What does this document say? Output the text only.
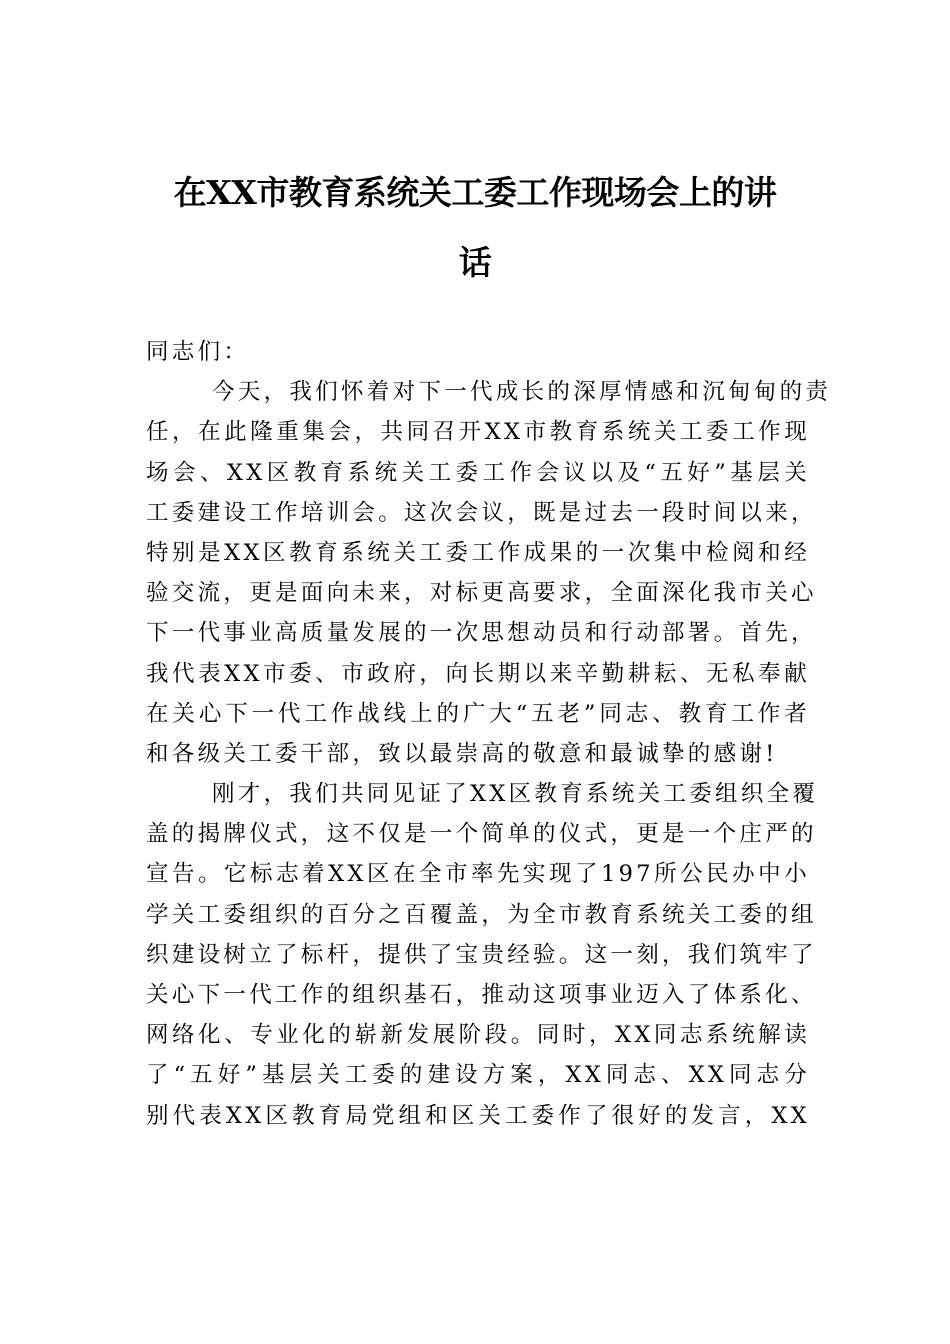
在XX市教育系统关工委工作现场会上的讲
话
同志们：
今天，我们怀着对下一代成长的深厚情感和沉甸甸的责
任，在此隆重集会，共同召开XX市教育系统关工委工作现
场会、XX区教育系统关工委工作会议以及“五好”基层关
工委建设工作培训会。这次会议，既是过去一段时间以来，
特别是XX区教育系统关工委工作成果的一次集中检阅和经
验交流，更是面向未来，对标更高要求，全面深化我市关心
下一代事业高质量发展的一次思想动员和行动部署。首先，
我代表XX市委、市政府，向长期以来辛勤耕耘、无私奉献
在关心下一代工作战线上的广大“五老”同志、教育工作者
和各级关工委干部，致以最崇高的敬意和最诚挚的感谢!
刚才，我们共同见证了XX区教育系统关工委组织全覆
盖的揭牌仪式，这不仅是一个简单的仪式，更是一个庄严的
宣告。它标志着XX区在全市率先实现了197所公民办中小
学关工委组织的百分之百覆盖，为全市教育系统关工委的组
织建设树立了标杆，提供了宝贵经验。这一刻，我们筑牢了
关心下一代工作的组织基石，推动这项事业迈入了体系化、
网络化、专业化的崭新发展阶段。同时，XX同志系统解读
了“五好”基层关工委的建设方案，XX同志、XX同志分
别代表XX区教育局党组和区关工委作了很好的发言，XX
